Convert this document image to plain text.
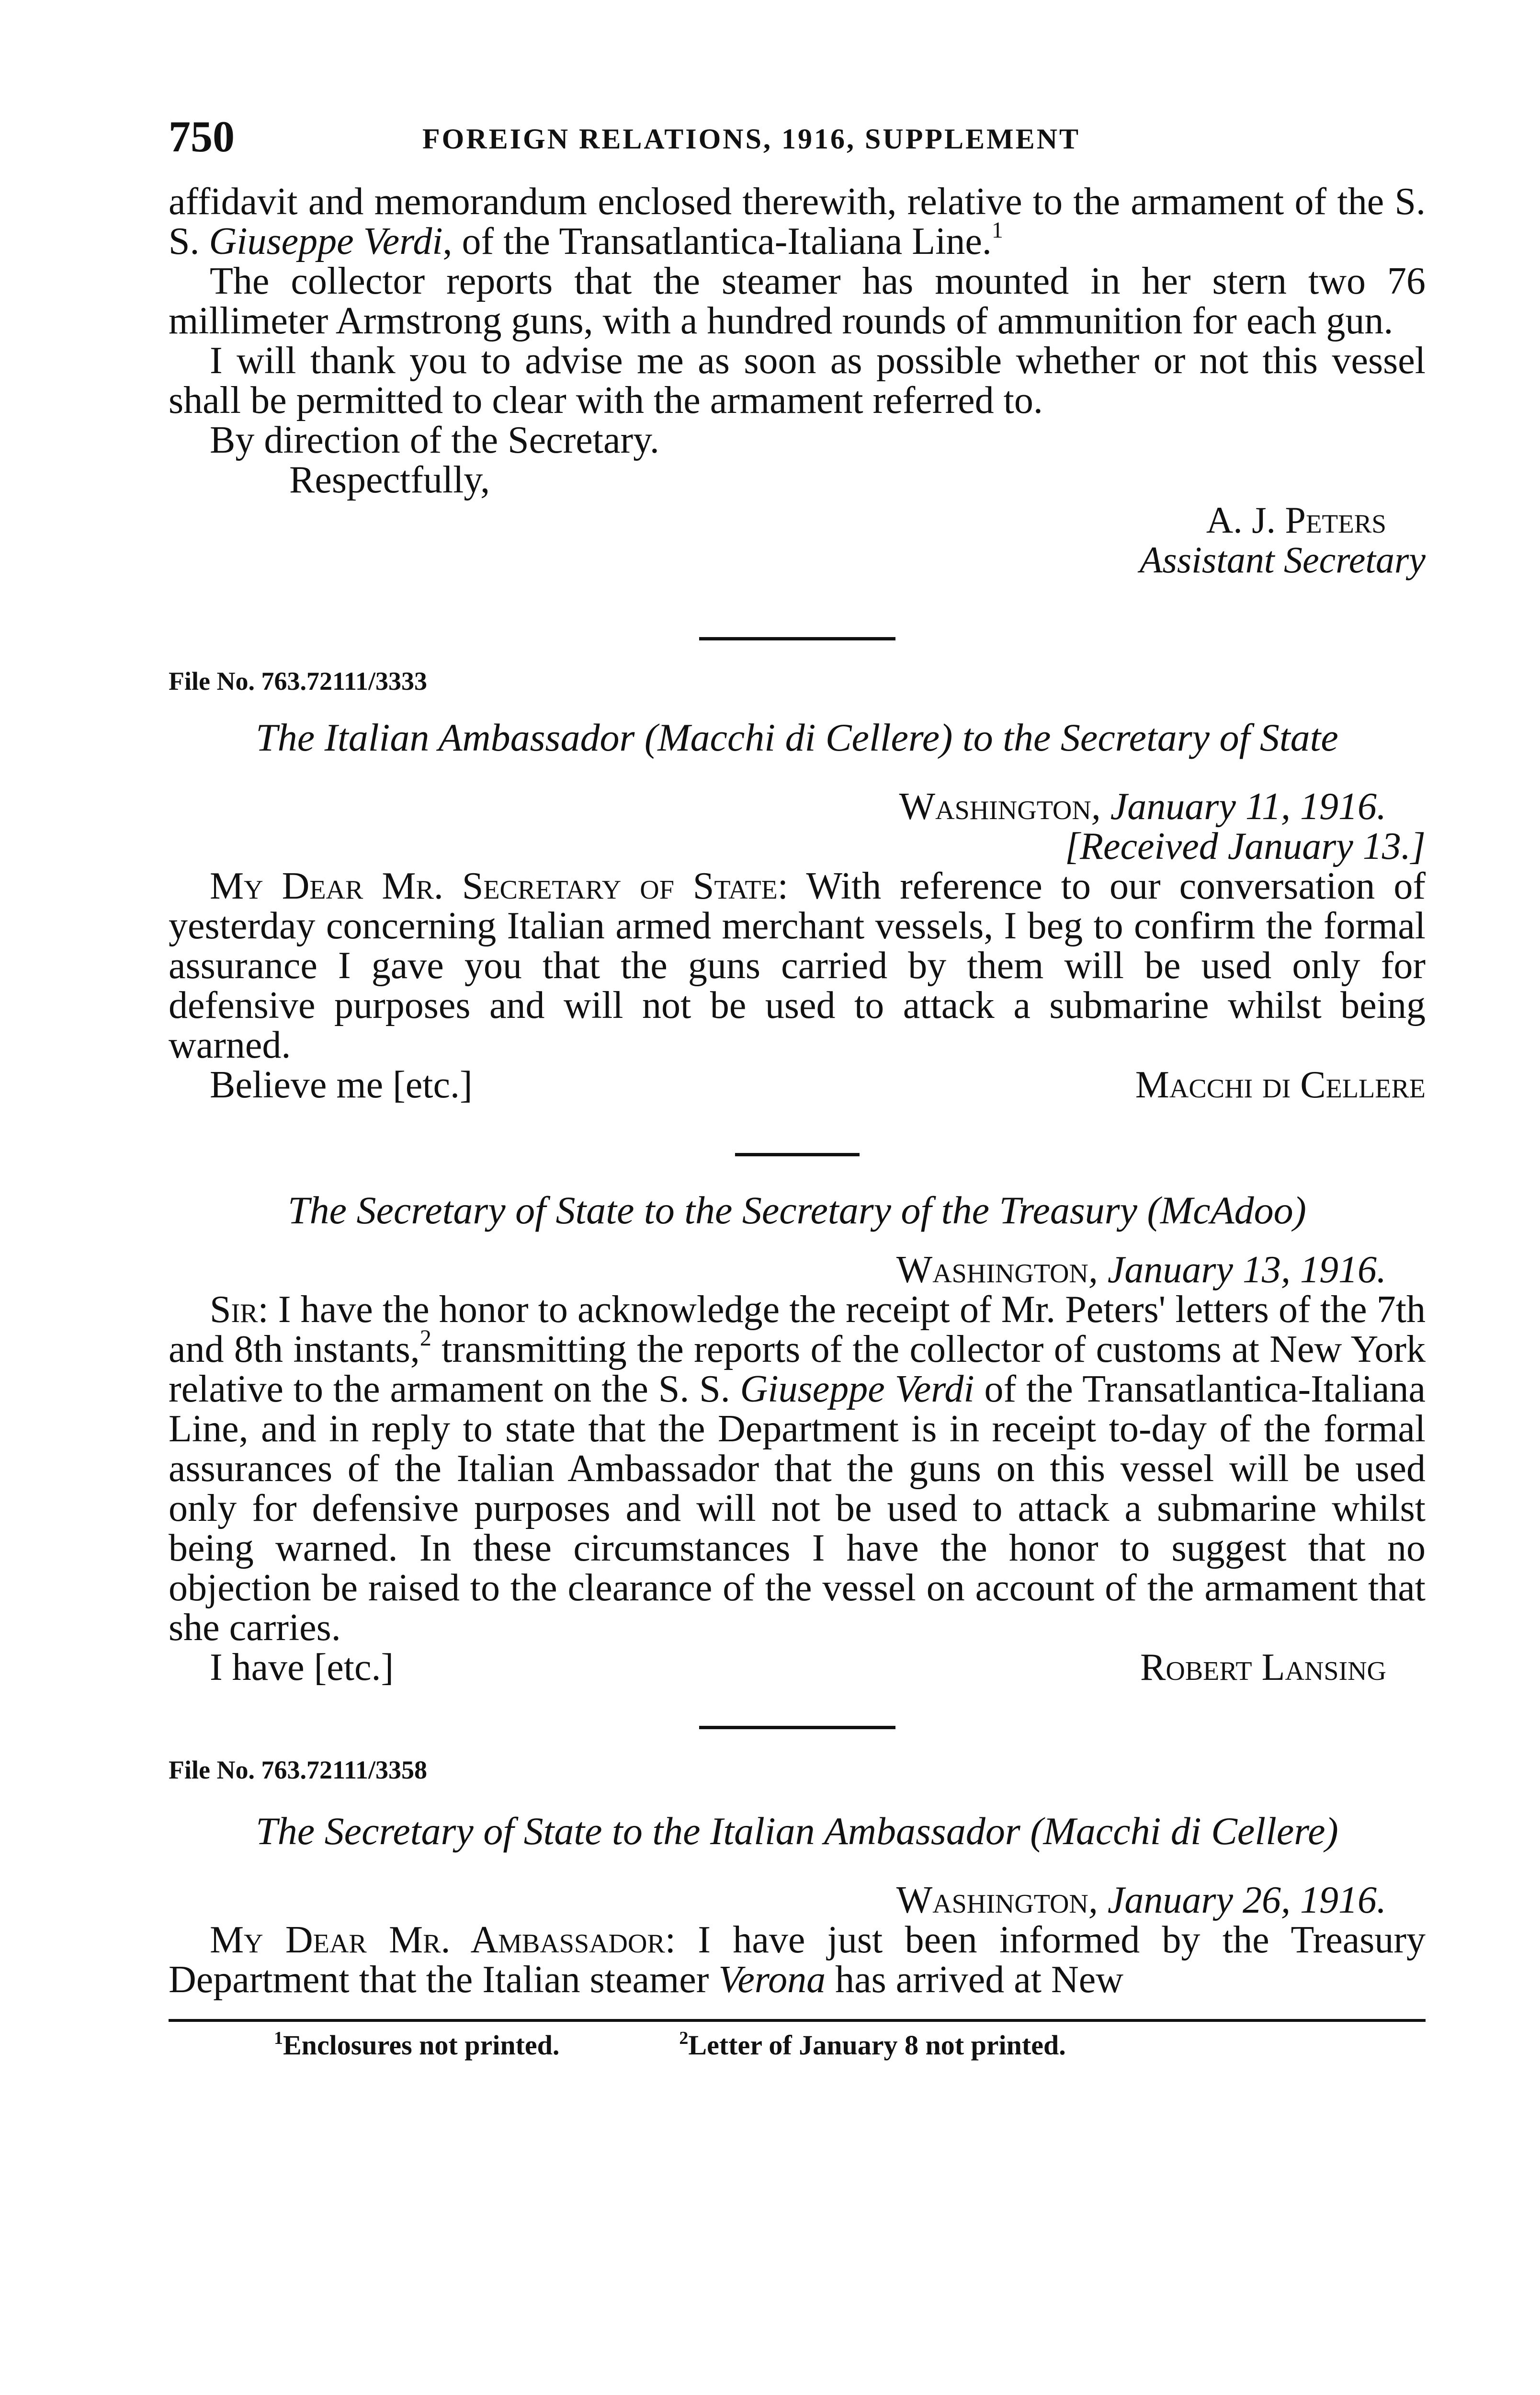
750	FOREIGN RELATIONS, 1916, SUPPLEMENT

affidavit and memorandum enclosed therewith, relative to the armament of the S. S. Giuseppe Verdi, of the Transatlantica-Italiana Line.$^1$

The collector reports that the steamer has mounted in her stern two 76 millimeter Armstrong guns, with a hundred rounds of ammunition for each gun.

I will thank you to advise me as soon as possible whether or not this vessel shall be permitted to clear with the armament referred to.

By direction of the Secretary.

Respectfully,
A. J. Peters
Assistant Secretary
File No. 763.72111/3333
The Italian Ambassador (Macchi di Cellere) to the Secretary of State
Washington, January 11, 1916.
[Received January 13.]

My Dear Mr. Secretary of State: With reference to our conversation of yesterday concerning Italian armed merchant vessels, I beg to confirm the formal assurance I gave you that the guns carried by them will be used only for defensive purposes and will not be used to attack a submarine whilst being warned.

Believe me [etc.]	Macchi di Cellere
The Secretary of State to the Secretary of the Treasury (McAdoo)
Washington, January 13, 1916.

Sir: I have the honor to acknowledge the receipt of Mr. Peters' letters of the 7th and 8th instants,$^2$ transmitting the reports of the collector of customs at New York relative to the armament on the S. S. Giuseppe Verdi of the Transatlantica-Italiana Line, and in reply to state that the Department is in receipt to-day of the formal assurances of the Italian Ambassador that the guns on this vessel will be used only for defensive purposes and will not be used to attack a submarine whilst being warned. In these circumstances I have the honor to suggest that no objection be raised to the clearance of the vessel on account of the armament that she carries.

I have [etc.]	Robert Lansing
File No. 763.72111/3358
The Secretary of State to the Italian Ambassador (Macchi di Cellere)
Washington, January 26, 1916.

My Dear Mr. Ambassador: I have just been informed by the Treasury Department that the Italian steamer Verona has arrived at New

$^1$Enclosures not printed.	$^2$Letter of January 8 not printed.
